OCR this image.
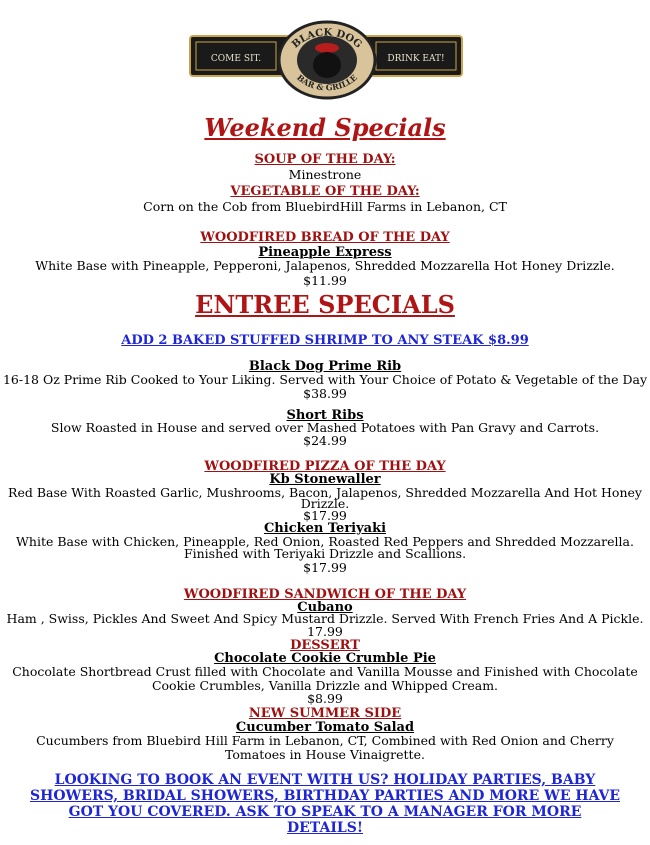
COME SIT.	DRINK EAT!
BLACK DOG
BAR & GRILLE
Weekend Specials
SOUP OF THE DAY:
Minestrone
VEGETABLE OF THE DAY:
Corn on the Cob from BluebirdHill Farms in Lebanon, CT
WOODFIRED BREAD OF THE DAY
Pineapple Express
White Base with Pineapple, Pepperoni, Jalapenos, Shredded Mozzarella Hot Honey Drizzle.
$11.99
ENTREE SPECIALS
ADD 2 BAKED STUFFED SHRIMP TO ANY STEAK $8.99
Black Dog Prime Rib
16-18 Oz Prime Rib Cooked to Your Liking. Served with Your Choice of Potato & Vegetable of the Day
$38.99
Short Ribs
Slow Roasted in House and served over Mashed Potatoes with Pan Gravy and Carrots.
$24.99
WOODFIRED PIZZA OF THE DAY
Kb Stonewaller
Red Base With Roasted Garlic, Mushrooms, Bacon, Jalapenos, Shredded Mozzarella And Hot Honey
Drizzle.
$17.99
Chicken Teriyaki
White Base with Chicken, Pineapple, Red Onion, Roasted Red Peppers and Shredded Mozzarella.
Finished with Teriyaki Drizzle and Scallions.
$17.99
WOODFIRED SANDWICH OF THE DAY
Cubano
Ham , Swiss, Pickles And Sweet And Spicy Mustard Drizzle. Served With French Fries And A Pickle.
17.99
DESSERT
Chocolate Cookie Crumble Pie
Chocolate Shortbread Crust filled with Chocolate and Vanilla Mousse and Finished with Chocolate
Cookie Crumbles, Vanilla Drizzle and Whipped Cream.
$8.99
NEW SUMMER SIDE
Cucumber Tomato Salad
Cucumbers from Bluebird Hill Farm in Lebanon, CT, Combined with Red Onion and Cherry
Tomatoes in House Vinaigrette.
LOOKING TO BOOK AN EVENT WITH US? HOLIDAY PARTIES, BABY
SHOWERS, BRIDAL SHOWERS, BIRTHDAY PARTIES AND MORE WE HAVE
GOT YOU COVERED. ASK TO SPEAK TO A MANAGER FOR MORE DETAILS!
